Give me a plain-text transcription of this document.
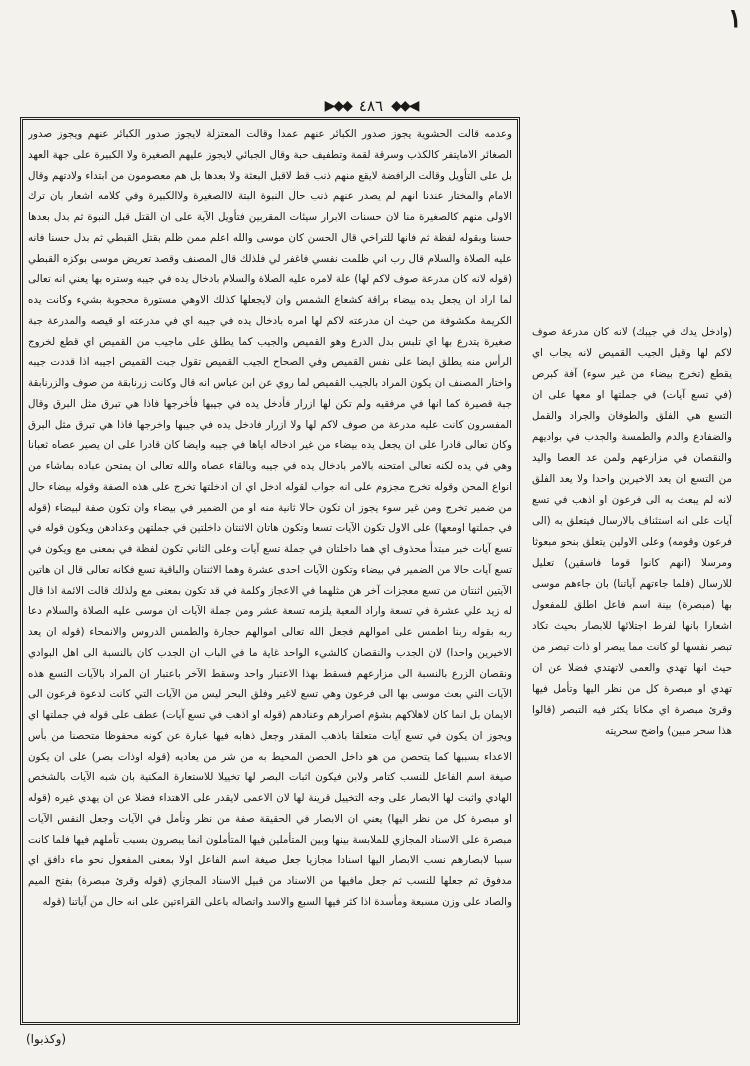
١
◀◆◆
٤٨٦
◆◆▶

وعدمه قالت الحشوية يجوز صدور الكبائر عنهم عمدا وقالت المعتزلة لايجوز صدور الكبائر عنهم ويجوز صدور الصغائر الامايتفر كالكذب وسرقة لقمة وتطفيف حبة وقال الجبائي لايجوز عليهم الصغيرة ولا الكبيرة على جهة العهد بل على التأويل وقالت الرافضة لايقع منهم ذنب قط لاقبل البعثة ولا بعدها بل هم معصومون من ابتداء ولادتهم وقال الامام والمختار عندنا انهم لم يصدر عنهم ذنب حال النبوة البتة لاالصغيرة ولاالكبيرة وفي كلامه اشعار بان ترك الاولى منهم كالصغيرة منا لان حسنات الابرار سيئات المقربين فتأويل الآية على ان القتل قبل النبوة ثم بدل بعدها حسنا وبقوله لفظة ثم فانها للتراخي قال الحسن كان موسى والله اعلم ممن ظلم بقتل القبطي ثم بدل حسنا فانه عليه الصلاة والسلام قال رب اني ظلمت نفسي فاغفر لي فلذلك قال المصنف وقصد تعريض موسى بوكزه القبطي (قوله لانه كان مدرعة صوف لاكم لها) علة لامره عليه الصلاة والسلام بادخال يده في جيبه وستره بها يعني انه تعالى لما اراد ان يجعل يده بيضاء براقة كشعاع الشمس وان لايجعلها كذلك الاوهي مستورة محجوبة بشيء وكانت يده الكريمة مكشوفة من حيث ان مدرعته لاكم لها امره بادخال يده في جيبه اي في مدرعته او قيصه والمدرعة جبة صغيرة يتدرع بها اي تلبس بدل الدرع وهو القميص والجيب كما يطلق على ماجيب من القميص اي قطع لخروج الرأس منه يطلق ايضا على نفس القميص وفي الصحاح الجيب القميص تقول جبت القميص اجيبه اذا قددت جيبه واختار المصنف ان يكون المراد بالجيب القميص لما روي عن ابن عباس انه قال وكانت زرنابقة من صوف والزرنابقة جبة قصيرة كما انها في مرفقيه ولم تكن لها ازرار فأدخل يده في جيبها فأخرجها فاذا هي تبرق مثل البرق وقال المفسرون كانت عليه مدرعة من صوف لاكم لها ولا ازرار فادخل يده في جيبها واخرجها فاذا هي تبرق مثل البرق وكان تعالى قادرا على ان يجعل يده بيضاء من غير ادخاله اياها في جيبه وايضا كان قادرا على ان يصير عصاه ثعبانا وهي في يده لكنه تعالى امتحنه بالامر بادخال يده في جيبه وبالقاء عصاه والله تعالى ان يمتحن عباده بماشاء من انواع المحن وقوله تخرج مجزوم على انه جواب لقوله ادخل اي ان ادخلتها تخرج على هذه الصفة وقوله بيضاء حال من ضمير تخرج ومن غير سوء يجوز ان تكون حالا ثانية منه او من الضمير في بيضاء وان تكون صفة لبيضاء (قوله في جملتها اومعها) على الاول تكون الآيات تسعا وتكون هاتان الاثنتان داخلتين في جملتهن وعدادهن ويكون قوله في تسع آيات خبر مبتدأ محذوف اي هما داخلتان في جملة تسع آيات وعلى الثاني تكون لفظة في بمعنى مع ويكون في تسع آيات حالا من الضمير في بيضاء وتكون الآيات احدى عشرة وهما الاثنتان والباقية تسع فكانه تعالى قال ان هاتين الآيتين اثنتان من تسع معجزات آخر هن مثلهما في الاعجاز وكلمة في قد تكون بمعنى مع ولذلك قالت الائمة اذا قال له زيد علي عشرة في تسعة واراد المعية يلزمه تسعة عشر ومن جملة الآيات ان موسى عليه الصلاة والسلام دعا ربه بقوله ربنا اطمس على اموالهم فجعل الله تعالى اموالهم حجارة والطمس الدروس والانمحاء (قوله ان يعد الاخيرين واحدا) لان الجدب والنقصان كالشيء الواحد غاية ما في الباب ان الجدب كان بالنسبة الى اهل البوادي ونقصان الزرع بالنسبة الى مزارعهم فسقط بهذا الاعتبار واحد وسقط الآخر باعتبار ان المراد بالآيات التسع هذه الآيات التي بعث موسى بها الى فرعون وهي تسع لاغير وفلق البحر ليس من الآيات التي كانت لدعوة فرعون الى الايمان بل انما كان لاهلاكهم بشؤم اصرارهم وعنادهم (قوله او اذهب في تسع آيات) عطف على قوله في جملتها اي ويجوز ان يكون في تسع آيات متعلقا باذهب المقدر وجعل ذهابه فيها عبارة عن كونه محفوظا متحصنا من بأس الاعداء بسببها كما يتحصن من هو داخل الحصن المحيط به من شر من يعاديه (قوله اوذات بصر) على ان يكون صيغة اسم الفاعل للنسب كتامر ولابن فيكون اثبات البصر لها تخييلا للاستعارة المكنية بان شبه الآيات بالشخص الهادي واثبت لها الابصار على وجه التخييل قرينة لها لان الاعمى لايقدر على الاهتداء فضلا عن ان يهدي غيره (قوله او مبصرة كل من نظر اليها) يعني ان الابصار في الحقيقة صفة من نظر وتأمل في الآيات وجعل النفس الآيات مبصرة على الاسناد المجازي للملابسة بينها وبين المتأملين فيها المتأملون انما يبصرون بسبب تأملهم فيها فلما كانت سببا لابصارهم نسب الابصار اليها اسنادا مجازيا جعل صيغة اسم الفاعل اولا بمعنى المفعول نحو ماء دافق اي مدفوق ثم جعلها للنسب ثم جعل مافيها من الاسناد من قبيل الاسناد المجازي (قوله وقرئ مبصرة) بفتح الميم والصاد على وزن مسبعة ومأسدة اذا كثر فيها السبع والاسد واتصاله باعلى القراءتين على انه حال من آياتنا (قوله

(وادخل يدك في جيبك) لانه كان مدرعة صوف لاكم لها وقيل الجيب القميص لانه يجاب اي يقطع (تخرج بيضاء من غير سوء) آفة كبرص (في تسع آيات) في جملتها او معها على ان التسع هي الفلق والطوفان والجراد والقمل والضفادع والدم والطمسة والجدب في بواديهم والنقصان في مزارعهم ولمن عد العصا واليد من التسع ان يعد الاخيرين واحدا ولا يعد الفلق لانه لم يبعث به الى فرعون او اذهب في تسع آيات على انه استئناف بالارسال فيتعلق به (الى فرعون وقومه) وعلى الاولين يتعلق بنحو مبعوثا ومرسلا (انهم كانوا قوما فاسقين) تعليل للارسال (فلما جاءتهم آياتنا) بان جاءهم موسى بها (مبصرة) بينة اسم فاعل اطلق للمفعول اشعارا بانها لفرط اجتلائها للابصار بحيث تكاد تبصر نفسها لو كانت مما يبصر او ذات تبصر من حيث انها تهدي والعمى لاتهتدي فضلا عن ان تهدي او مبصرة كل من نظر اليها وتأمل فيها وقرئ مبصرة اي مكانا يكثر فيه التبصر (قالوا هذا سحر مبين) واضح سحريته

(وكذبوا)
